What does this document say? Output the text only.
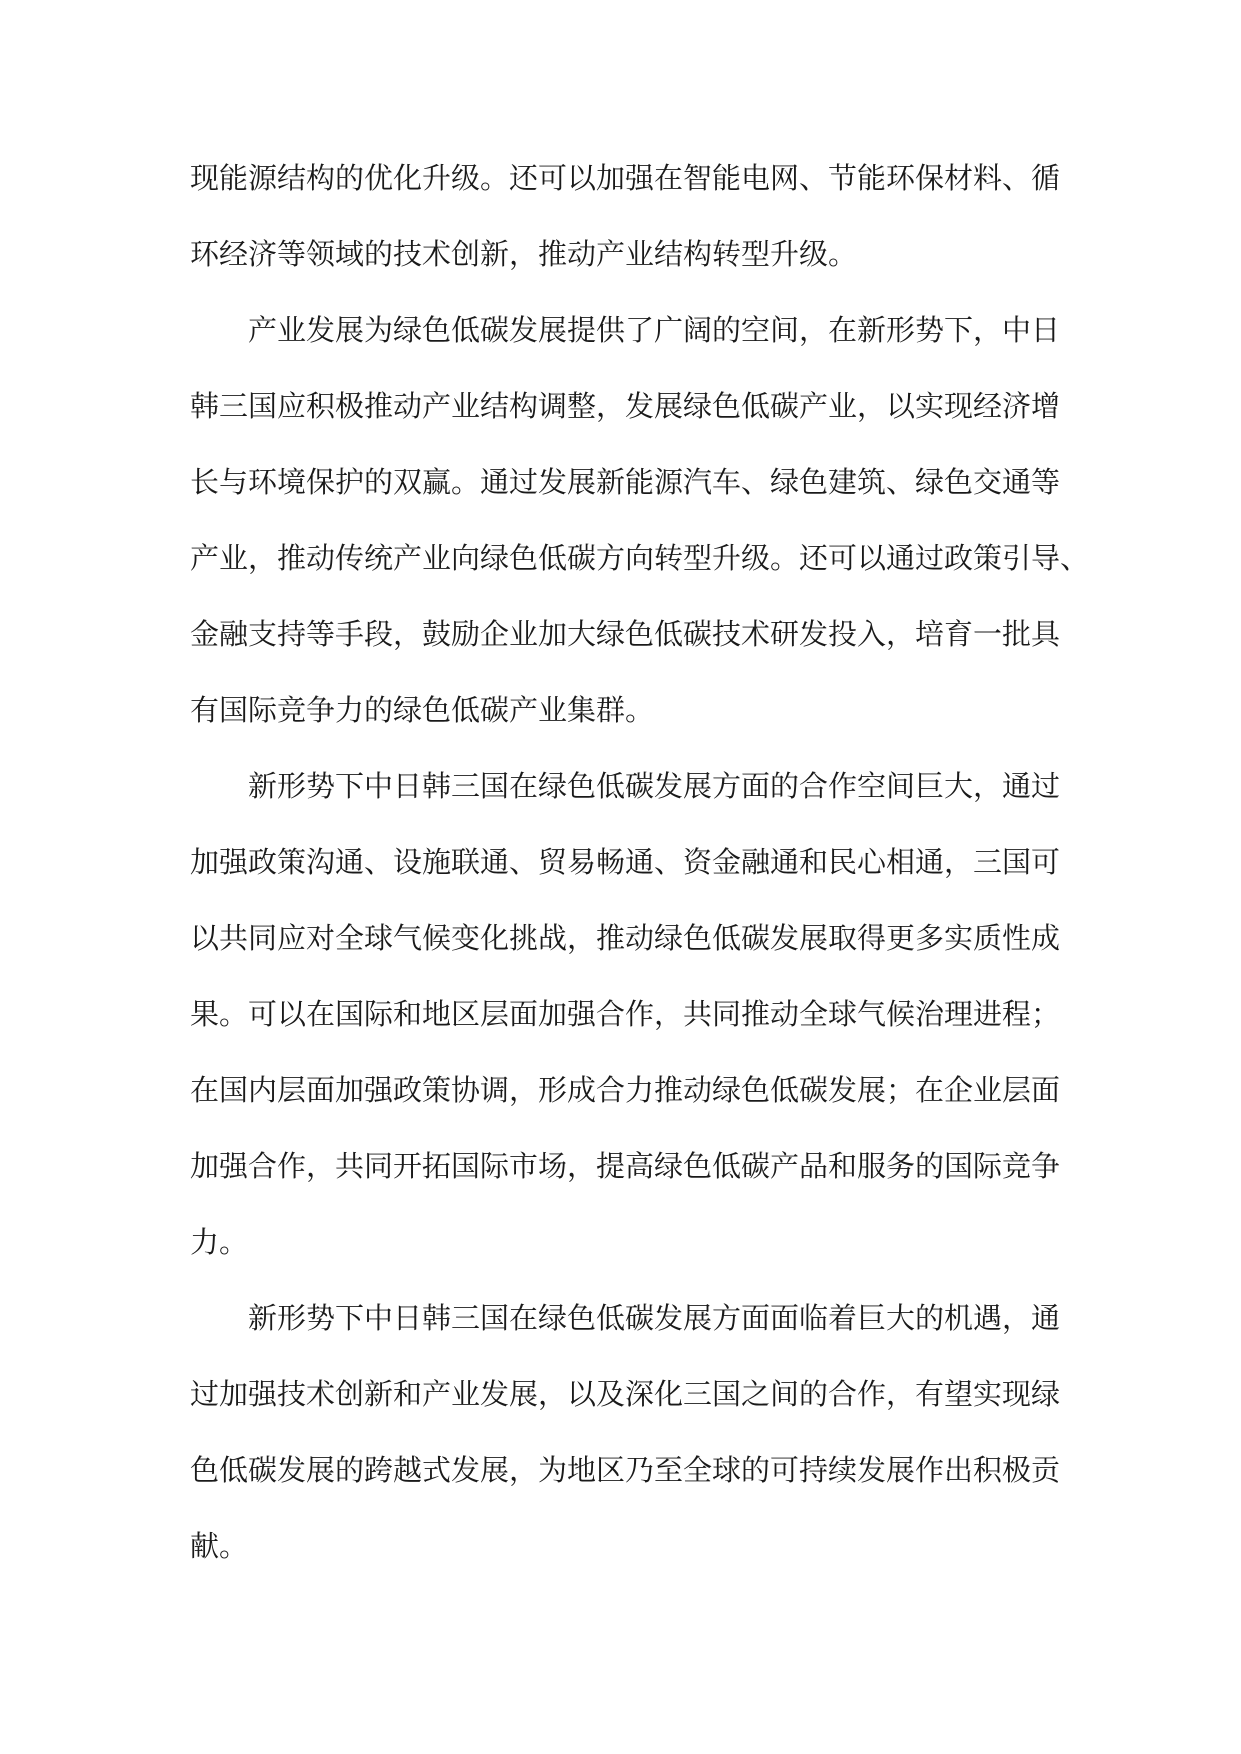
现能源结构的优化升级。还可以加强在智能电网、节能环保材料、循
环经济等领域的技术创新，推动产业结构转型升级。
产业发展为绿色低碳发展提供了广阔的空间，在新形势下，中日
韩三国应积极推动产业结构调整，发展绿色低碳产业，以实现经济增
长与环境保护的双赢。通过发展新能源汽车、绿色建筑、绿色交通等
产业，推动传统产业向绿色低碳方向转型升级。还可以通过政策引导、
金融支持等手段，鼓励企业加大绿色低碳技术研发投入，培育一批具
有国际竞争力的绿色低碳产业集群。
新形势下中日韩三国在绿色低碳发展方面的合作空间巨大，通过
加强政策沟通、设施联通、贸易畅通、资金融通和民心相通，三国可
以共同应对全球气候变化挑战，推动绿色低碳发展取得更多实质性成
果。可以在国际和地区层面加强合作，共同推动全球气候治理进程；
在国内层面加强政策协调，形成合力推动绿色低碳发展；在企业层面
加强合作，共同开拓国际市场，提高绿色低碳产品和服务的国际竞争
力。
新形势下中日韩三国在绿色低碳发展方面面临着巨大的机遇，通
过加强技术创新和产业发展，以及深化三国之间的合作，有望实现绿
色低碳发展的跨越式发展，为地区乃至全球的可持续发展作出积极贡
献。
